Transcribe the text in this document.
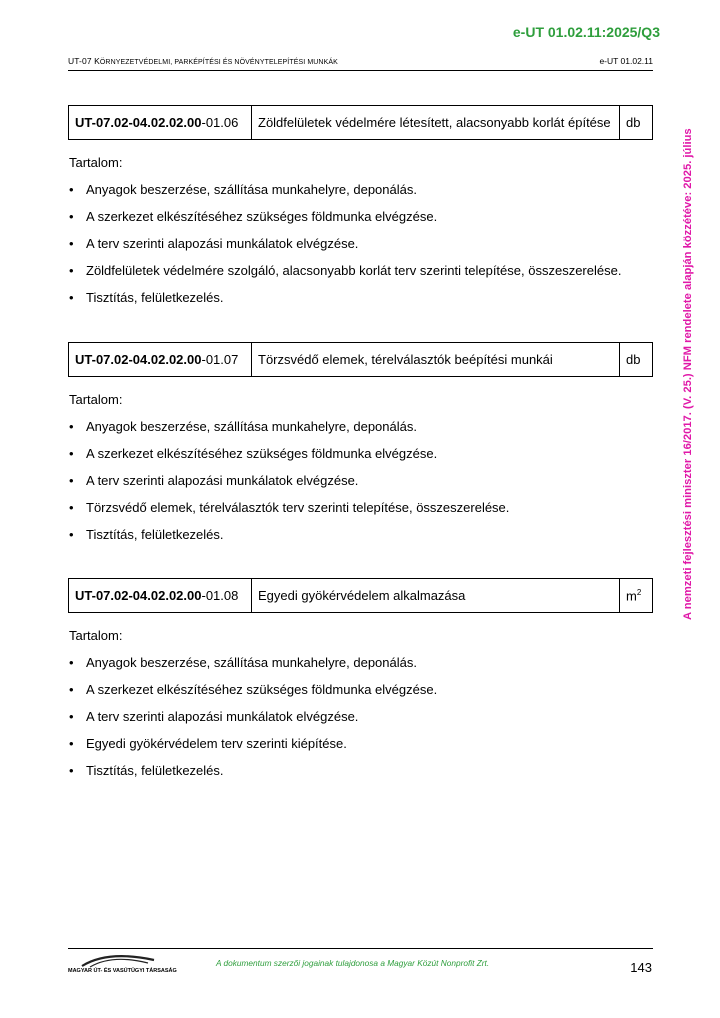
e-UT 01.02.11:2025/Q3
UT-07 KÖRNYEZETVÉDELMI, PARKÉPÍTÉSI ÉS NÖVÉNYTELEPÍTÉSI MUNKÁK	e-UT 01.02.11
A nemzeti fejlesztési miniszter 16/2017. (V. 25.) NFM rendelete alapján közzétéve: 2025. július
UT-07.02-04.02.02.00-01.06	Zöldfelületek védelmére létesített, alacsonyabb korlát építése	db
Tartalom:
• Anyagok beszerzése, szállítása munkahelyre, deponálás.
• A szerkezet elkészítéséhez szükséges földmunka elvégzése.
• A terv szerinti alapozási munkálatok elvégzése.
• Zöldfelületek védelmére szolgáló, alacsonyabb korlát terv szerinti telepítése, összeszerelése.
• Tisztítás, felületkezelés.
UT-07.02-04.02.02.00-01.07	Törzsvédő elemek, térelválasztók beépítési munkái	db
Tartalom:
• Anyagok beszerzése, szállítása munkahelyre, deponálás.
• A szerkezet elkészítéséhez szükséges földmunka elvégzése.
• A terv szerinti alapozási munkálatok elvégzése.
• Törzsvédő elemek, térelválasztók terv szerinti telepítése, összeszerelése.
• Tisztítás, felületkezelés.
UT-07.02-04.02.02.00-01.08	Egyedi gyökérvédelem alkalmazása	$m^2$
Tartalom:
• Anyagok beszerzése, szállítása munkahelyre, deponálás.
• A szerkezet elkészítéséhez szükséges földmunka elvégzése.
• A terv szerinti alapozási munkálatok elvégzése.
• Egyedi gyökérvédelem terv szerinti kiépítése.
• Tisztítás, felületkezelés.
MAGYAR ÚT- ÉS VASÚTÜGYI TÁRSASÁG
A dokumentum szerzői jogainak tulajdonosa a Magyar Közút Nonprofit Zrt.	143
